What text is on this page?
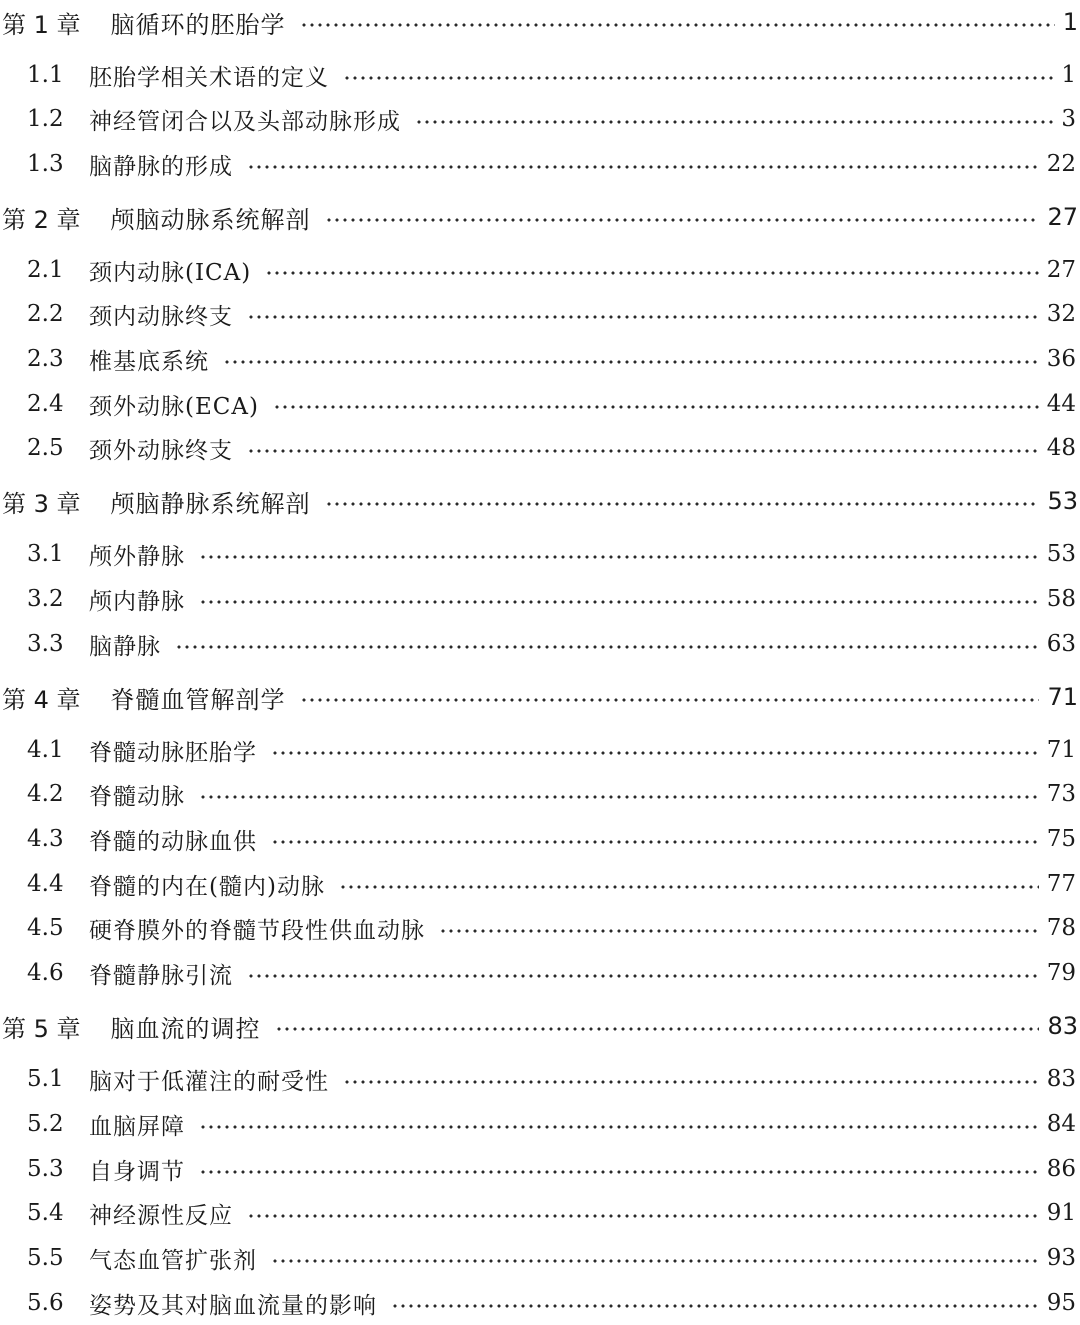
第 1 章 脑循环的胚胎学	1
1.1	胚胎学相关术语的定义	1
1.2	神经管闭合以及头部动脉形成	3
1.3	脑静脉的形成	22
第 2 章 颅脑动脉系统解剖	27
2.1	颈内动脉(ICA)	27
2.2	颈内动脉终支	32
2.3	椎基底系统	36
2.4	颈外动脉(ECA)	44
2.5	颈外动脉终支	48
第 3 章 颅脑静脉系统解剖	53
3.1	颅外静脉	53
3.2	颅内静脉	58
3.3	脑静脉	63
第 4 章 脊髓血管解剖学	71
4.1	脊髓动脉胚胎学	71
4.2	脊髓动脉	73
4.3	脊髓的动脉血供	75
4.4	脊髓的内在(髓内)动脉	77
4.5	硬脊膜外的脊髓节段性供血动脉	78
4.6	脊髓静脉引流	79
第 5 章 脑血流的调控	83
5.1	脑对于低灌注的耐受性	83
5.2	血脑屏障	84
5.3	自身调节	86
5.4	神经源性反应	91
5.5	气态血管扩张剂	93
5.6	姿势及其对脑血流量的影响	95
